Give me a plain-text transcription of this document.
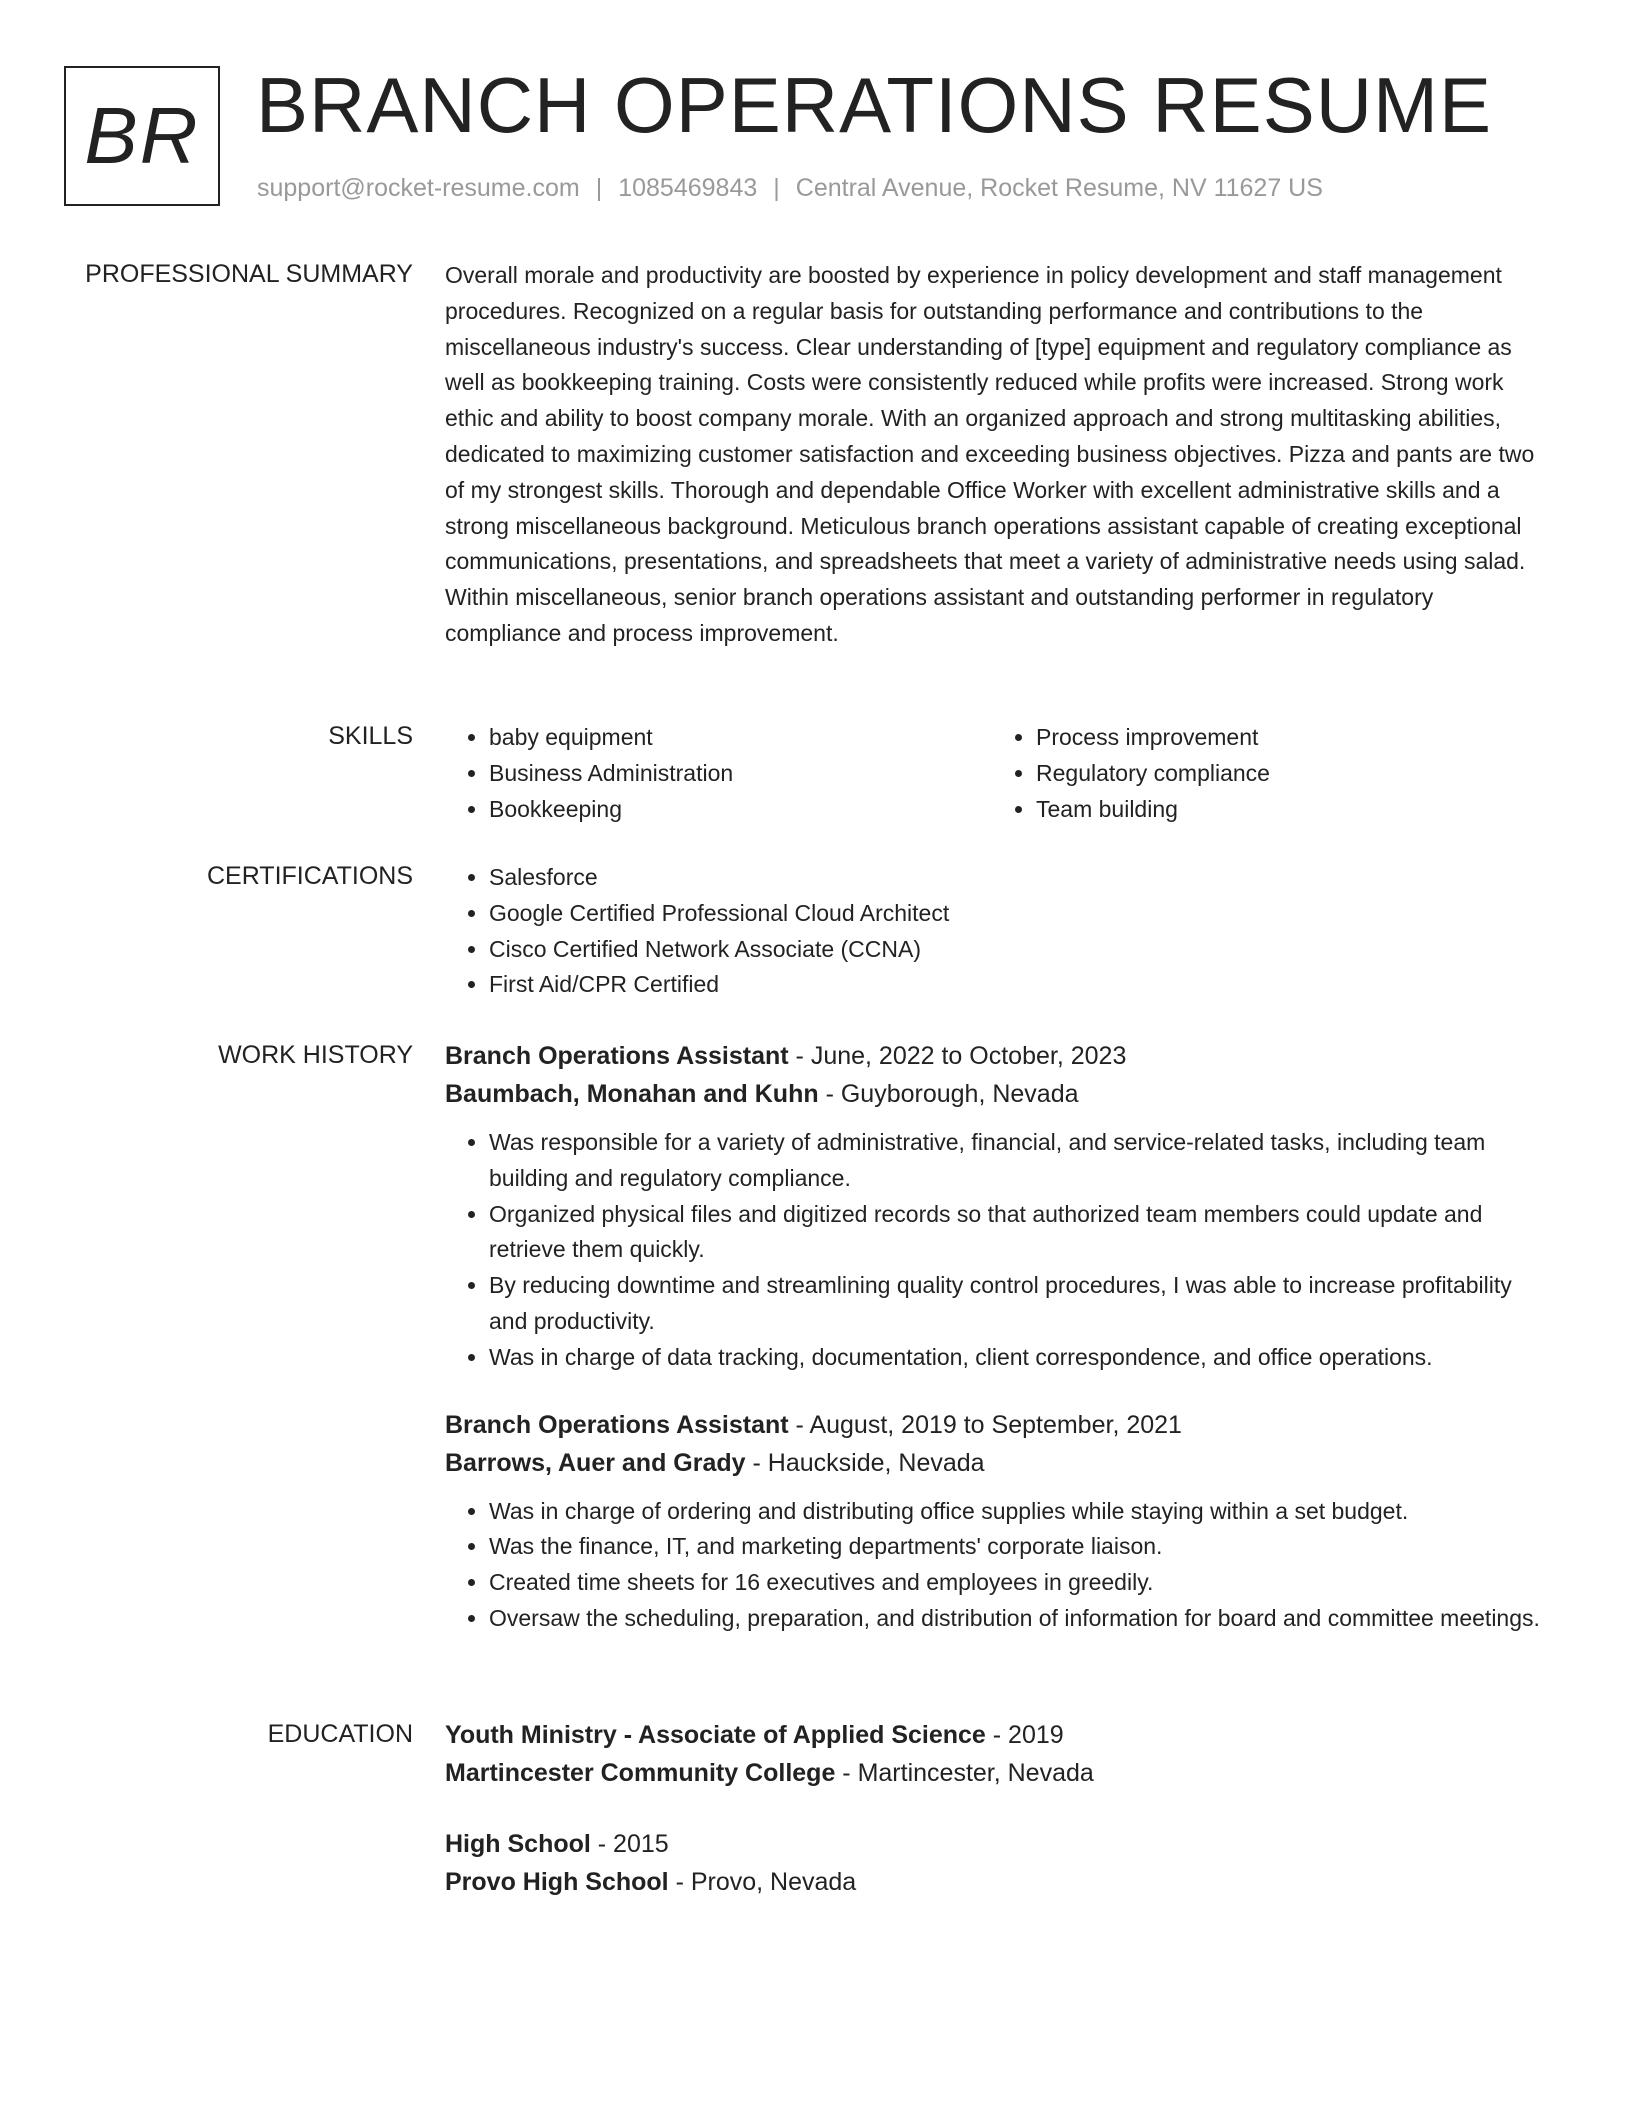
BR BRANCH OPERATIONS RESUME
support@rocket-resume.com | 1085469843 | Central Avenue, Rocket Resume, NV 11627 US
PROFESSIONAL SUMMARY Overall morale and productivity are boosted by experience in policy development and staff management procedures. Recognized on a regular basis for outstanding performance and contributions to the miscellaneous industry's success. Clear understanding of [type] equipment and regulatory compliance as well as bookkeeping training. Costs were consistently reduced while profits were increased. Strong work ethic and ability to boost company morale. With an organized approach and strong multitasking abilities, dedicated to maximizing customer satisfaction and exceeding business objectives. Pizza and pants are two of my strongest skills. Thorough and dependable Office Worker with excellent administrative skills and a strong miscellaneous background. Meticulous branch operations assistant capable of creating exceptional communications, presentations, and spreadsheets that meet a variety of administrative needs using salad. Within miscellaneous, senior branch operations assistant and outstanding performer in regulatory compliance and process improvement.

SKILLS	• baby equipment
• Business Administration
• Bookkeeping
• Process improvement
• Regulatory compliance
• Team building
CERTIFICATIONS	• Salesforce
• Google Certified Professional Cloud Architect
• Cisco Certified Network Associate (CCNA)
• First Aid/CPR Certified
WORK HISTORY Branch Operations Assistant - June, 2022 to October, 2023
Baumbach, Monahan and Kuhn - Guyborough, Nevada
• Was responsible for a variety of administrative, financial, and service-related tasks, including team building and regulatory compliance.
• Organized physical files and digitized records so that authorized team members could update and retrieve them quickly.
• By reducing downtime and streamlining quality control procedures, I was able to increase profitability and productivity.
• Was in charge of data tracking, documentation, client correspondence, and office operations.
Branch Operations Assistant - August, 2019 to September, 2021
Barrows, Auer and Grady - Hauckside, Nevada
• Was in charge of ordering and distributing office supplies while staying within a set budget.
• Was the finance, IT, and marketing departments' corporate liaison.
• Created time sheets for 16 executives and employees in greedily.
• Oversaw the scheduling, preparation, and distribution of information for board and committee meetings.
EDUCATION Youth Ministry - Associate of Applied Science - 2019
Martincester Community College - Martincester, Nevada
High School - 2015
Provo High School - Provo, Nevada
